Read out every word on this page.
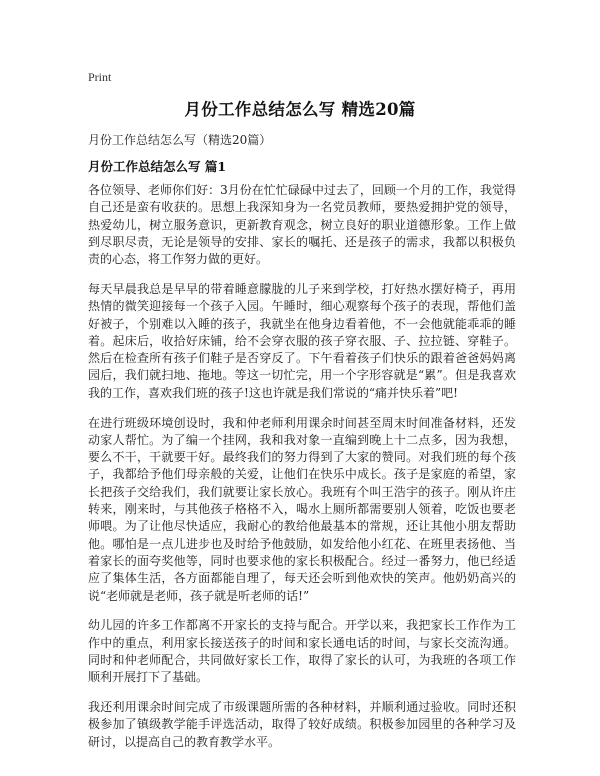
Print
月份工作总结怎么写 精选20篇

月份工作总结怎么写（精选20篇）

月份工作总结怎么写 篇1

各位领导、老师你们好：3月份在忙忙碌碌中过去了，回顾一个月的工作，我觉得自己还是蛮有收获的。思想上我深知身为一名党员教师，要热爱拥护党的领导，热爱幼儿，树立服务意识，更新教育观念，树立良好的职业道德形象。工作上做到尽职尽责，无论是领导的安排、家长的嘱托、还是孩子的需求，我都以积极负责的心态，将工作努力做的更好。

每天早晨我总是早早的带着睡意朦胧的儿子来到学校，打好热水摆好椅子，再用热情的微笑迎接每一个孩子入园。午睡时，细心观察每个孩子的表现，帮他们盖好被子，个别难以入睡的孩子，我就坐在他身边看着他，不一会他就能乖乖的睡着。起床后，收拾好床铺，给不会穿衣服的孩子穿衣服、子、拉拉链、穿鞋子。然后在检查所有孩子们鞋子是否穿反了。下午看着孩子们快乐的跟着爸爸妈妈离园后，我们就扫地、拖地。等这一切忙完，用一个字形容就是“累”。但是我喜欢我的工作，喜欢我们班的孩子!这也许就是我们常说的“痛并快乐着”吧!

在进行班级环境创设时，我和仲老师利用课余时间甚至周末时间准备材料，还发动家人帮忙。为了编一个挂网，我和我对象一直编到晚上十二点多，因为我想，要么不干，干就要干好。最终我们的努力得到了大家的赞同。对我们班的每个孩子，我都给予他们母亲般的关爱，让他们在快乐中成长。孩子是家庭的希望，家长把孩子交给我们，我们就要让家长放心。我班有个叫王浩宇的孩子。刚从许庄转来，刚来时，与其他孩子格格不入，喝水上厕所都需要别人领着，吃饭也要老师喂。为了让他尽快适应，我耐心的教给他最基本的常规，还让其他小朋友帮助他。哪怕是一点儿进步也及时给予他鼓励，如发给他小红花、在班里表扬他、当着家长的面夸奖他等，同时也要求他的家长积极配合。经过一番努力，他已经适应了集体生活，各方面都能自理了，每天还会听到他欢快的笑声。他奶奶高兴的说“老师就是老师，孩子就是听老师的话!”

幼儿园的许多工作都离不开家长的支持与配合。开学以来，我把家长工作作为工作中的重点，利用家长接送孩子的时间和家长通电话的时间，与家长交流沟通。同时和仲老师配合，共同做好家长工作，取得了家长的认可，为我班的各项工作顺利开展打下了基础。

我还利用课余时间完成了市级课题所需的各种材料，并顺利通过验收。同时还积极参加了镇级教学能手评选活动，取得了较好成绩。积极参加园里的各种学习及研讨，以提高自己的教育教学水平。
